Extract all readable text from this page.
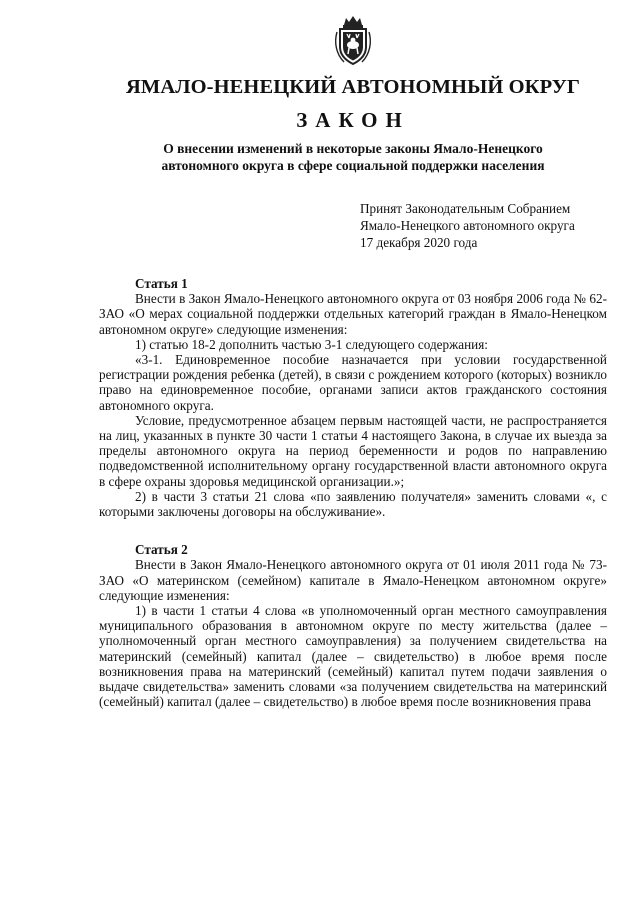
ЯМАЛО-НЕНЕЦКИЙ АВТОНОМНЫЙ ОКРУГ
ЗАКОН
О внесении изменений в некоторые законы Ямало-Ненецкого
автономного округа в сфере социальной поддержки населения
Принят Законодательным Собранием
Ямало-Ненецкого автономного округа
17 декабря 2020 года

Статья 1

Внести в Закон Ямало-Ненецкого автономного округа от 03 ноября 2006 года № 62-ЗАО «О мерах социальной поддержки отдельных категорий граждан в Ямало-Ненецком автономном округе» следующие изменения:

1) статью 18-2 дополнить частью 3-1 следующего содержания:

«3-1. Единовременное пособие назначается при условии государственной регистрации рождения ребенка (детей), в связи с рождением которого (которых) возникло право на единовременное пособие, органами записи актов гражданского состояния автономного округа.

Условие, предусмотренное абзацем первым настоящей части, не распространяется на лиц, указанных в пункте 30 части 1 статьи 4 настоящего Закона, в случае их выезда за пределы автономного округа на период беременности и родов по направлению подведомственной исполнительному органу государственной власти автономного округа в сфере охраны здоровья медицинской организации.»;

2) в части 3 статьи 21 слова «по заявлению получателя» заменить словами «, с которыми заключены договоры на обслуживание».

Статья 2

Внести в Закон Ямало-Ненецкого автономного округа от 01 июля 2011 года № 73-ЗАО «О материнском (семейном) капитале в Ямало-Ненецком автономном округе» следующие изменения:

1) в части 1 статьи 4 слова «в уполномоченный орган местного самоуправления муниципального образования в автономном округе по месту жительства (далее – уполномоченный орган местного самоуправления) за получением свидетельства на материнский (семейный) капитал (далее – свидетельство) в любое время после возникновения права на материнский (семейный) капитал путем подачи заявления о выдаче свидетельства» заменить словами «за получением свидетельства на материнский (семейный) капитал (далее – свидетельство) в любое время после возникновения права
